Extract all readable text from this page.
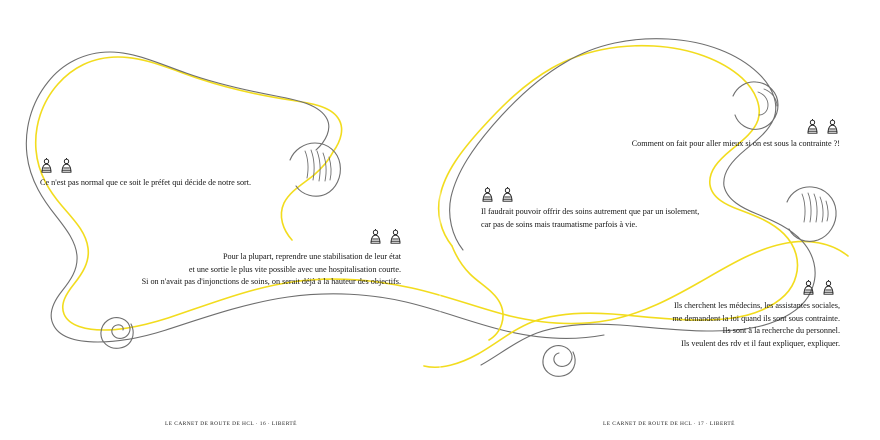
Ce n'est pas normal que ce soit le préfet qui décide de notre sort.
Pour la plupart, reprendre une stabilisation de leur état
et une sortie le plus vite possible avec une hospitalisation courte.
Si on n'avait pas d'injonctions de soins, on serait déjà à la hauteur des objectifs.
LE CARNET DE ROUTE DE HCL · 16 · LIBERTÉ
Comment on fait pour aller mieux si on est sous la contrainte ?!
Il faudrait pouvoir offrir des soins autrement que par un isolement,
car pas de soins mais traumatisme parfois à vie.
Ils cherchent les médecins, les assistantes sociales,
me demandent la loi quand ils sont sous contrainte.
Ils sont à la recherche du personnel.
Ils veulent des rdv et il faut expliquer, expliquer.
LE CARNET DE ROUTE DE HCL · 17 · LIBERTÉ
